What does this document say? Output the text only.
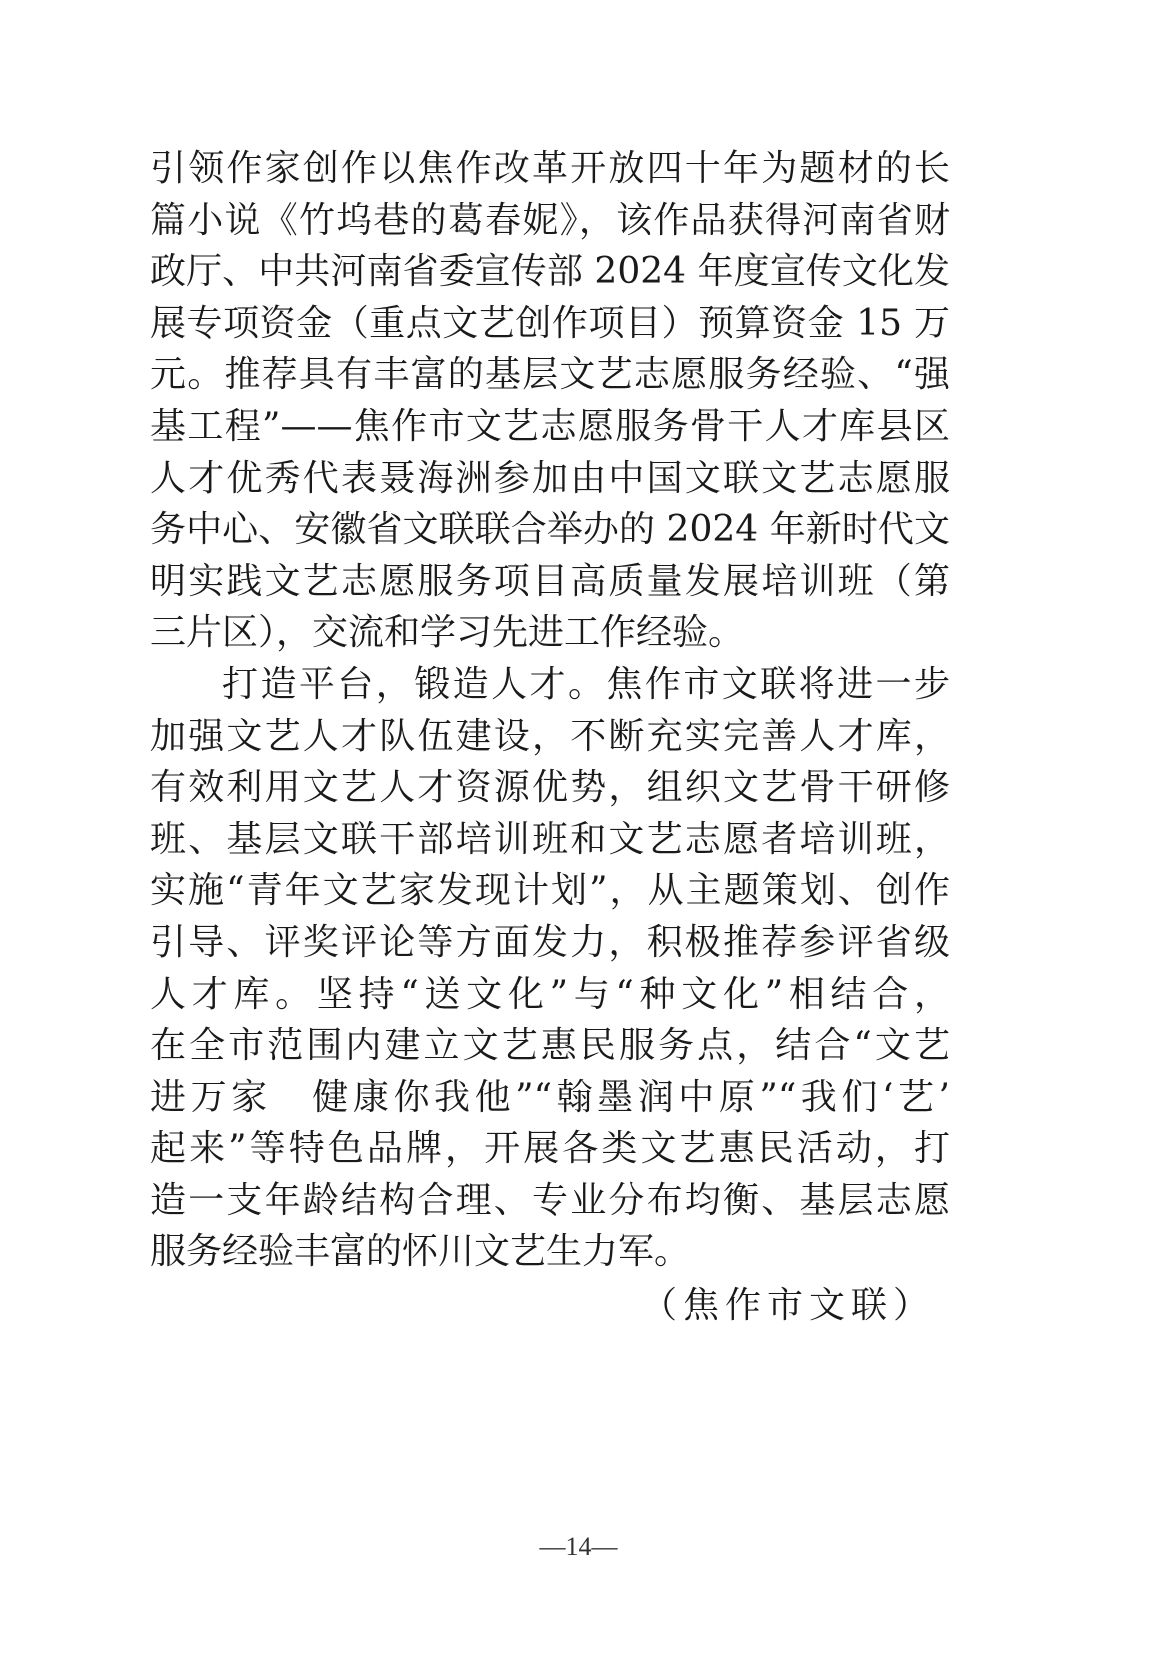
引领作家创作以焦作改革开放四十年为题材的长
篇小说《竹坞巷的葛春妮》，该作品获得河南省财
政厅、中共河南省委宣传部 2024 年度宣传文化发
展专项资金（重点文艺创作项目）预算资金 15 万
元。推荐具有丰富的基层文艺志愿服务经验、“强
基工程”——焦作市文艺志愿服务骨干人才库县区
人才优秀代表聂海洲参加由中国文联文艺志愿服
务中心、安徽省文联联合举办的 2024 年新时代文
明实践文艺志愿服务项目高质量发展培训班（第
三片区），交流和学习先进工作经验。
打造平台，锻造人才。焦作市文联将进一步
加强文艺人才队伍建设，不断充实完善人才库，
有效利用文艺人才资源优势，组织文艺骨干研修
班、基层文联干部培训班和文艺志愿者培训班，
实施“青年文艺家发现计划”，从主题策划、创作
引导、评奖评论等方面发力，积极推荐参评省级
人才库。坚持“送文化”与“种文化”相结合，
在全市范围内建立文艺惠民服务点，结合“文艺
进万家　健康你我他”“翰墨润中原”“我们‘艺’
起来”等特色品牌，开展各类文艺惠民活动，打
造一支年龄结构合理、专业分布均衡、基层志愿
服务经验丰富的怀川文艺生力军。
（焦作市文联）
—14—
